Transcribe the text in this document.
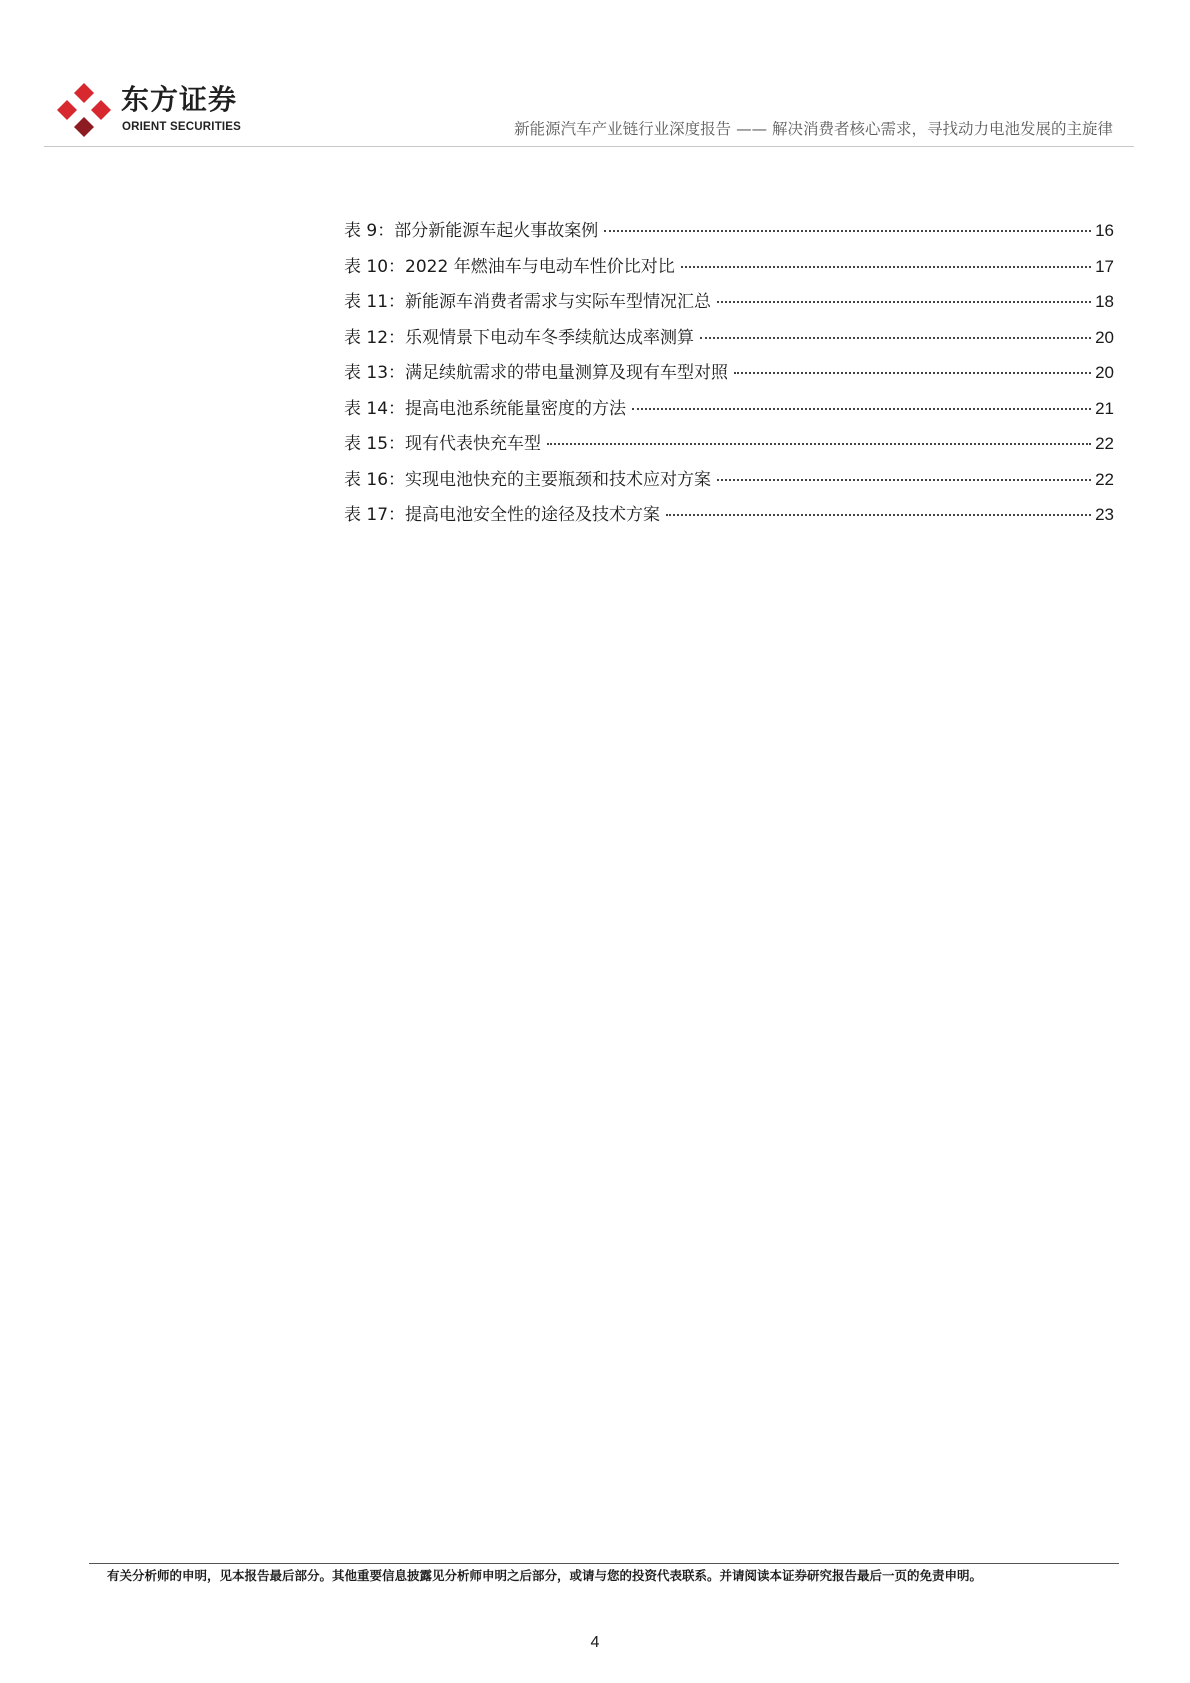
东方证券
ORIENT SECURITIES	新能源汽车产业链行业深度报告 —— 解决消费者核心需求，寻找动力电池发展的主旋律
表 9：部分新能源车起火事故案例	16
表 10：2022 年燃油车与电动车性价比对比	17
表 11：新能源车消费者需求与实际车型情况汇总	18
表 12：乐观情景下电动车冬季续航达成率测算	20
表 13：满足续航需求的带电量测算及现有车型对照	20
表 14：提高电池系统能量密度的方法	21
表 15：现有代表快充车型	22
表 16：实现电池快充的主要瓶颈和技术应对方案	22
表 17：提高电池安全性的途径及技术方案	23
有关分析师的申明，见本报告最后部分。其他重要信息披露见分析师申明之后部分，或请与您的投资代表联系。并请阅读本证券研究报告最后一页的免责申明。
4
